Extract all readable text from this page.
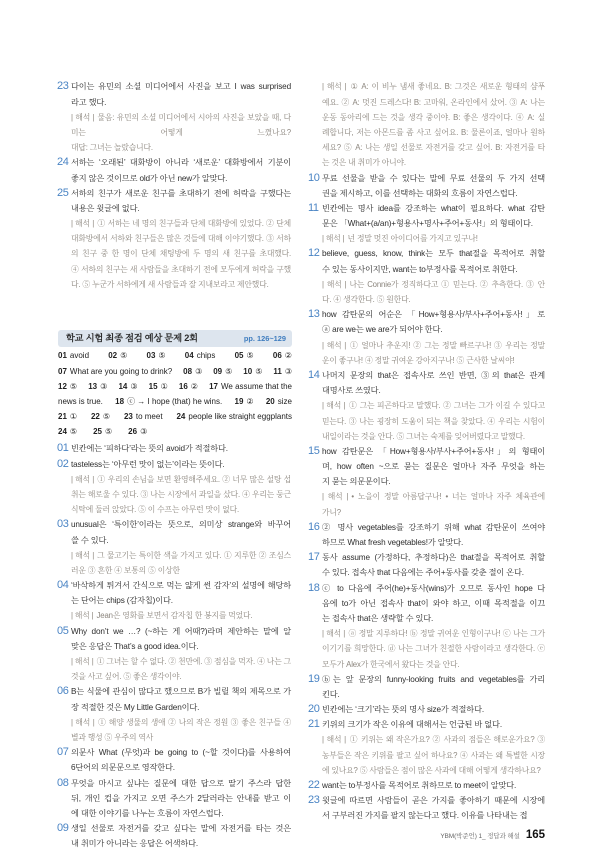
23 다이는 유민의 소셜 미디어에서 사진을 보고 I was surprised
라고 했다.
| 해석 | 물음: 유민의 소셜 미디어에서 시아의 사진을 보았을 때, 다
미는 어떻게 느꼈나요?
대답: 그녀는 놀랐습니다.
24 서하는 ‘오래된’ 대화방이 아니라 ‘새로운’ 대화방에서 기분이
좋지 않은 것이므로 old가 아닌 new가 알맞다.
25 서하의 친구가 새로운 친구를 초대하기 전에 허락을 구했다는
내용은 윗글에 없다.
| 해석 | ① 서하는 네 명의 친구들과 단체 대화방에 있었다. ② 단체
대화방에서 서하와 친구들은 많은 것들에 대해 이야기했다. ③ 서하
의 친구 중 한 명이 단체 채팅방에 두 명의 새 친구를 초대했다.
④ 서하의 친구는 새 사람들을 초대하기 전에 모두에게 허락을 구했
다. ⑤ 누군가 서하에게 새 사람들과 잘 지내보라고 제안했다.
학교 시험 최종 점검 예상 문제 2회	pp. 126~129
01 avoid 02 ⑤ 03 ⑤ 04 chips 05 ⑤ 06 ②
07 What are you going to drink? 08 ③ 09 ⑤ 10 ⑤ 11 ③
12 ⑤ 13 ③ 14 ③ 15 ① 16 ② 17 We assume that the
news is true. 18 ⓒ → I hope (that) he wins. 19 ② 20 size
21 ① 22 ⑤ 23 to meet 24 people like straight eggplants
24 ⑤ 25 ⑤ 26 ③
01 빈칸에는 ‘피하다’라는 뜻의 avoid가 적절하다.
02 tasteless는 ‘아무런 맛이 없는’이라는 뜻이다.
| 해석 | ① 우리의 손님을 보면 환영해주세요. ② 너무 많은 설탕 섭
취는 해로울 수 있다. ③ 나는 시장에서 과일을 샀다. ④ 우리는 둥근
식탁에 둘러 앉았다. ⑤ 이 수프는 아무런 맛이 없다.
03 unusual은 ‘특이한’이라는 뜻으로, 의미상 strange와 바꾸어
쓸 수 있다.
| 해석 | 그 물고기는 특이한 색을 가지고 있다. ① 지루한 ② 조심스
러운 ③ 흔한 ④ 보통의 ⑤ 이상한
04 ‘바삭하게 튀겨서 간식으로 먹는 얇게 썬 감자’의 설명에 해당하
는 단어는 chips (감자칩)이다.
| 해석 | Jean은 영화를 보면서 감자칩 한 봉지를 먹었다.
05 Why don’t we …? (~하는 게 어때?)라며 제안하는 말에 알
맞은 응답은 That’s a good idea.이다.
| 해석 | ① 그녀는 할 수 없다. ② 천만에. ③ 점심을 먹자. ④ 나는 그
것을 사고 싶어. ⑤ 좋은 생각이야.
06 B는 식물에 관심이 많다고 했으므로 B가 빌릴 책의 제목으로 가
장 적절한 것은 My Little Garden이다.
| 해석 | ① 해양 생물의 생애 ② 나의 작은 정원 ③ 좋은 친구들 ④
별과 행성 ⑤ 우주의 역사
07 의문사 What (무엇)과 be going to (~할 것이다)를 사용하여
6단어의 의문문으로 영작한다.
08 무엇을 마시고 싶냐는 질문에 대한 답으로 딸기 주스라 답한
뒤, 개인 컵을 가지고 오면 주스가 2달러라는 안내를 받고 이
에 대한 이야기를 나누는 흐름이 자연스럽다.
09 생일 선물로 자전거를 갖고 싶다는 말에 자전거를 타는 것은
내 취미가 아니라는 응답은 어색하다.
| 해석 | ① A: 이 비누 냄새 좋네요. B: 그것은 새로운 형태의 샴푸
예요. ② A: 멋진 드레스다! B: 고마워, 온라인에서 샀어. ③ A: 나는
운동 동아리에 드는 것을 생각 중이야. B: 좋은 생각이다. ④ A: 실
례합니다, 저는 아몬드를 좀 사고 싶어요. B: 물론이죠, 얼마나 원하
세요? ⑤ A: 나는 생일 선물로 자전거를 갖고 싶어. B: 자전거를 타
는 것은 내 취미가 아니야.
10 무료 선물을 받을 수 있다는 말에 무료 선물의 두 가지 선택
권을 제시하고, 이를 선택하는 대화의 흐름이 자연스럽다.
11 빈칸에는 명사 idea를 강조하는 what이 필요하다. what 감탄
문은 「What+(a/an)+형용사+명사+주어+동사!」의 형태이다.
| 해석 | 넌 정말 멋진 아이디어를 가지고 있구나!
12 believe, guess, know, think는 모두 that절을 목적어로 취할
수 있는 동사이지만, want는 to부정사를 목적어로 취한다.
| 해석 | 나는 Connie가 정직하다고 ① 믿는다. ② 추측한다. ③ 안
다. ④ 생각한다. ⑤ 원한다.
13 how 감탄문의 어순은 「How+형용사/부사+주어+동사!」로
ⓐ are we는 we are가 되어야 한다.
| 해석 | ① 얼마나 추운지! ② 그는 정말 빠르구나! ③ 우리는 정말
운이 좋구나! ④ 정말 귀여운 강아지구나! ⑤ 근사한 날씨야!
14 나머지 문장의 that은 접속사로 쓰인 반면, ③의 that은 관계
대명사로 쓰였다.
| 해석 | ① 그는 피곤하다고 말했다. ② 그녀는 그가 이길 수 있다고
믿는다. ③ 나는 굉장히 도움이 되는 책을 찾았다. ④ 우리는 시험이
내일이라는 것을 안다. ⑤ 그녀는 숙제를 잊어버렸다고 말했다.
15 how 감탄문은 「How+형용사/부사+주어+동사!」의 형태이
며, how often ~으로 묻는 질문은 얼마나 자주 무엇을 하는
지 묻는 의문문이다.
| 해석 | • 노을이 정말 아름답구나! • 너는 얼마나 자주 체육관에
가니?
16 ② 명사 vegetables를 강조하기 위해 what 감탄문이 쓰여야
하므로 What fresh vegetables!가 알맞다.
17 동사 assume (가정하다, 추정하다)은 that절을 목적어로 취할
수 있다. 접속사 that 다음에는 주어+동사를 갖춘 절이 온다.
18 ⓒ to 다음에 주어(he)+동사(wins)가 오므로 동사인 hope 다
음에 to가 아닌 접속사 that이 와야 하고, 이때 목적절을 이끄
는 접속사 that은 생략할 수 있다.
| 해석 | ⓐ 정말 지루하다! ⓑ 정말 귀여운 인형이구나! ⓒ 나는 그가
이기기를 희망한다. ⓓ 나는 그녀가 친절한 사람이라고 생각한다. ⓔ
모두가 Alex가 한국에서 왔다는 것을 안다.
19 ⓑ는 앞 문장의 funny-looking fruits and vegetables를 가리
킨다.
20 빈칸에는 ‘크기’라는 뜻의 명사 size가 적절하다.
21 키위의 크기가 작은 이유에 대해서는 언급된 바 없다.
| 해석 | ① 키위는 왜 작은가요? ② 사과의 점들은 해로운가요? ③
농부들은 작은 키위를 팔고 싶어 하나요? ④ 사과는 왜 특별한 시장
에 있나요? ⑤ 사람들은 점이 많은 사과에 대해 어떻게 생각하나요?
22 want는 to부정사를 목적어로 취하므로 to meet이 알맞다.
23 윗글에 따르면 사람들이 곧은 가지를 좋아하기 때문에 시장에
서 구부러진 가지를 팔지 않는다고 했다. 이유를 나타내는 접
YBM(박준언) 1_ 정답과 해설 165
